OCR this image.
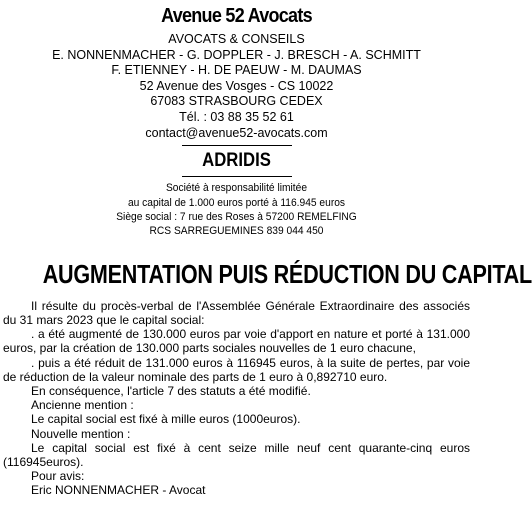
Avenue 52 Avocats
AVOCATS & CONSEILS
E. NONNENMACHER - G. DOPPLER - J. BRESCH - A. SCHMITT
F. ETIENNEY - H. DE PAEUW - M. DAUMAS
52 Avenue des Vosges - CS 10022
67083 STRASBOURG CEDEX
Tél. : 03 88 35 52 61
contact@avenue52-avocats.com
ADRIDIS
Société à responsabilité limitée
au capital de 1.000 euros porté à 116.945 euros
Siège social : 7 rue des Roses à 57200 REMELFING
RCS SARREGUEMINES 839 044 450
AUGMENTATION PUIS RÉDUCTION DU CAPITAL

Il résulte du procès-verbal de l'Assemblée Générale Extraordinaire des associés du 31 mars 2023 que le capital social:

. a été augmenté de 130.000 euros par voie d'apport en nature et porté à 131.000 euros, par la création de 130.000 parts sociales nouvelles de 1 euro chacune,

. puis a été réduit de 131.000 euros à 116945 euros, à la suite de pertes, par voie de réduction de la valeur nominale des parts de 1 euro à 0,892710 euro.

En conséquence, l'article 7 des statuts a été modifié.

Ancienne mention :

Le capital social est fixé à mille euros (1000euros).

Nouvelle mention :

Le capital social est fixé à cent seize mille neuf cent quarante-cinq euros (116945euros).

Pour avis:

Eric NONNENMACHER - Avocat
